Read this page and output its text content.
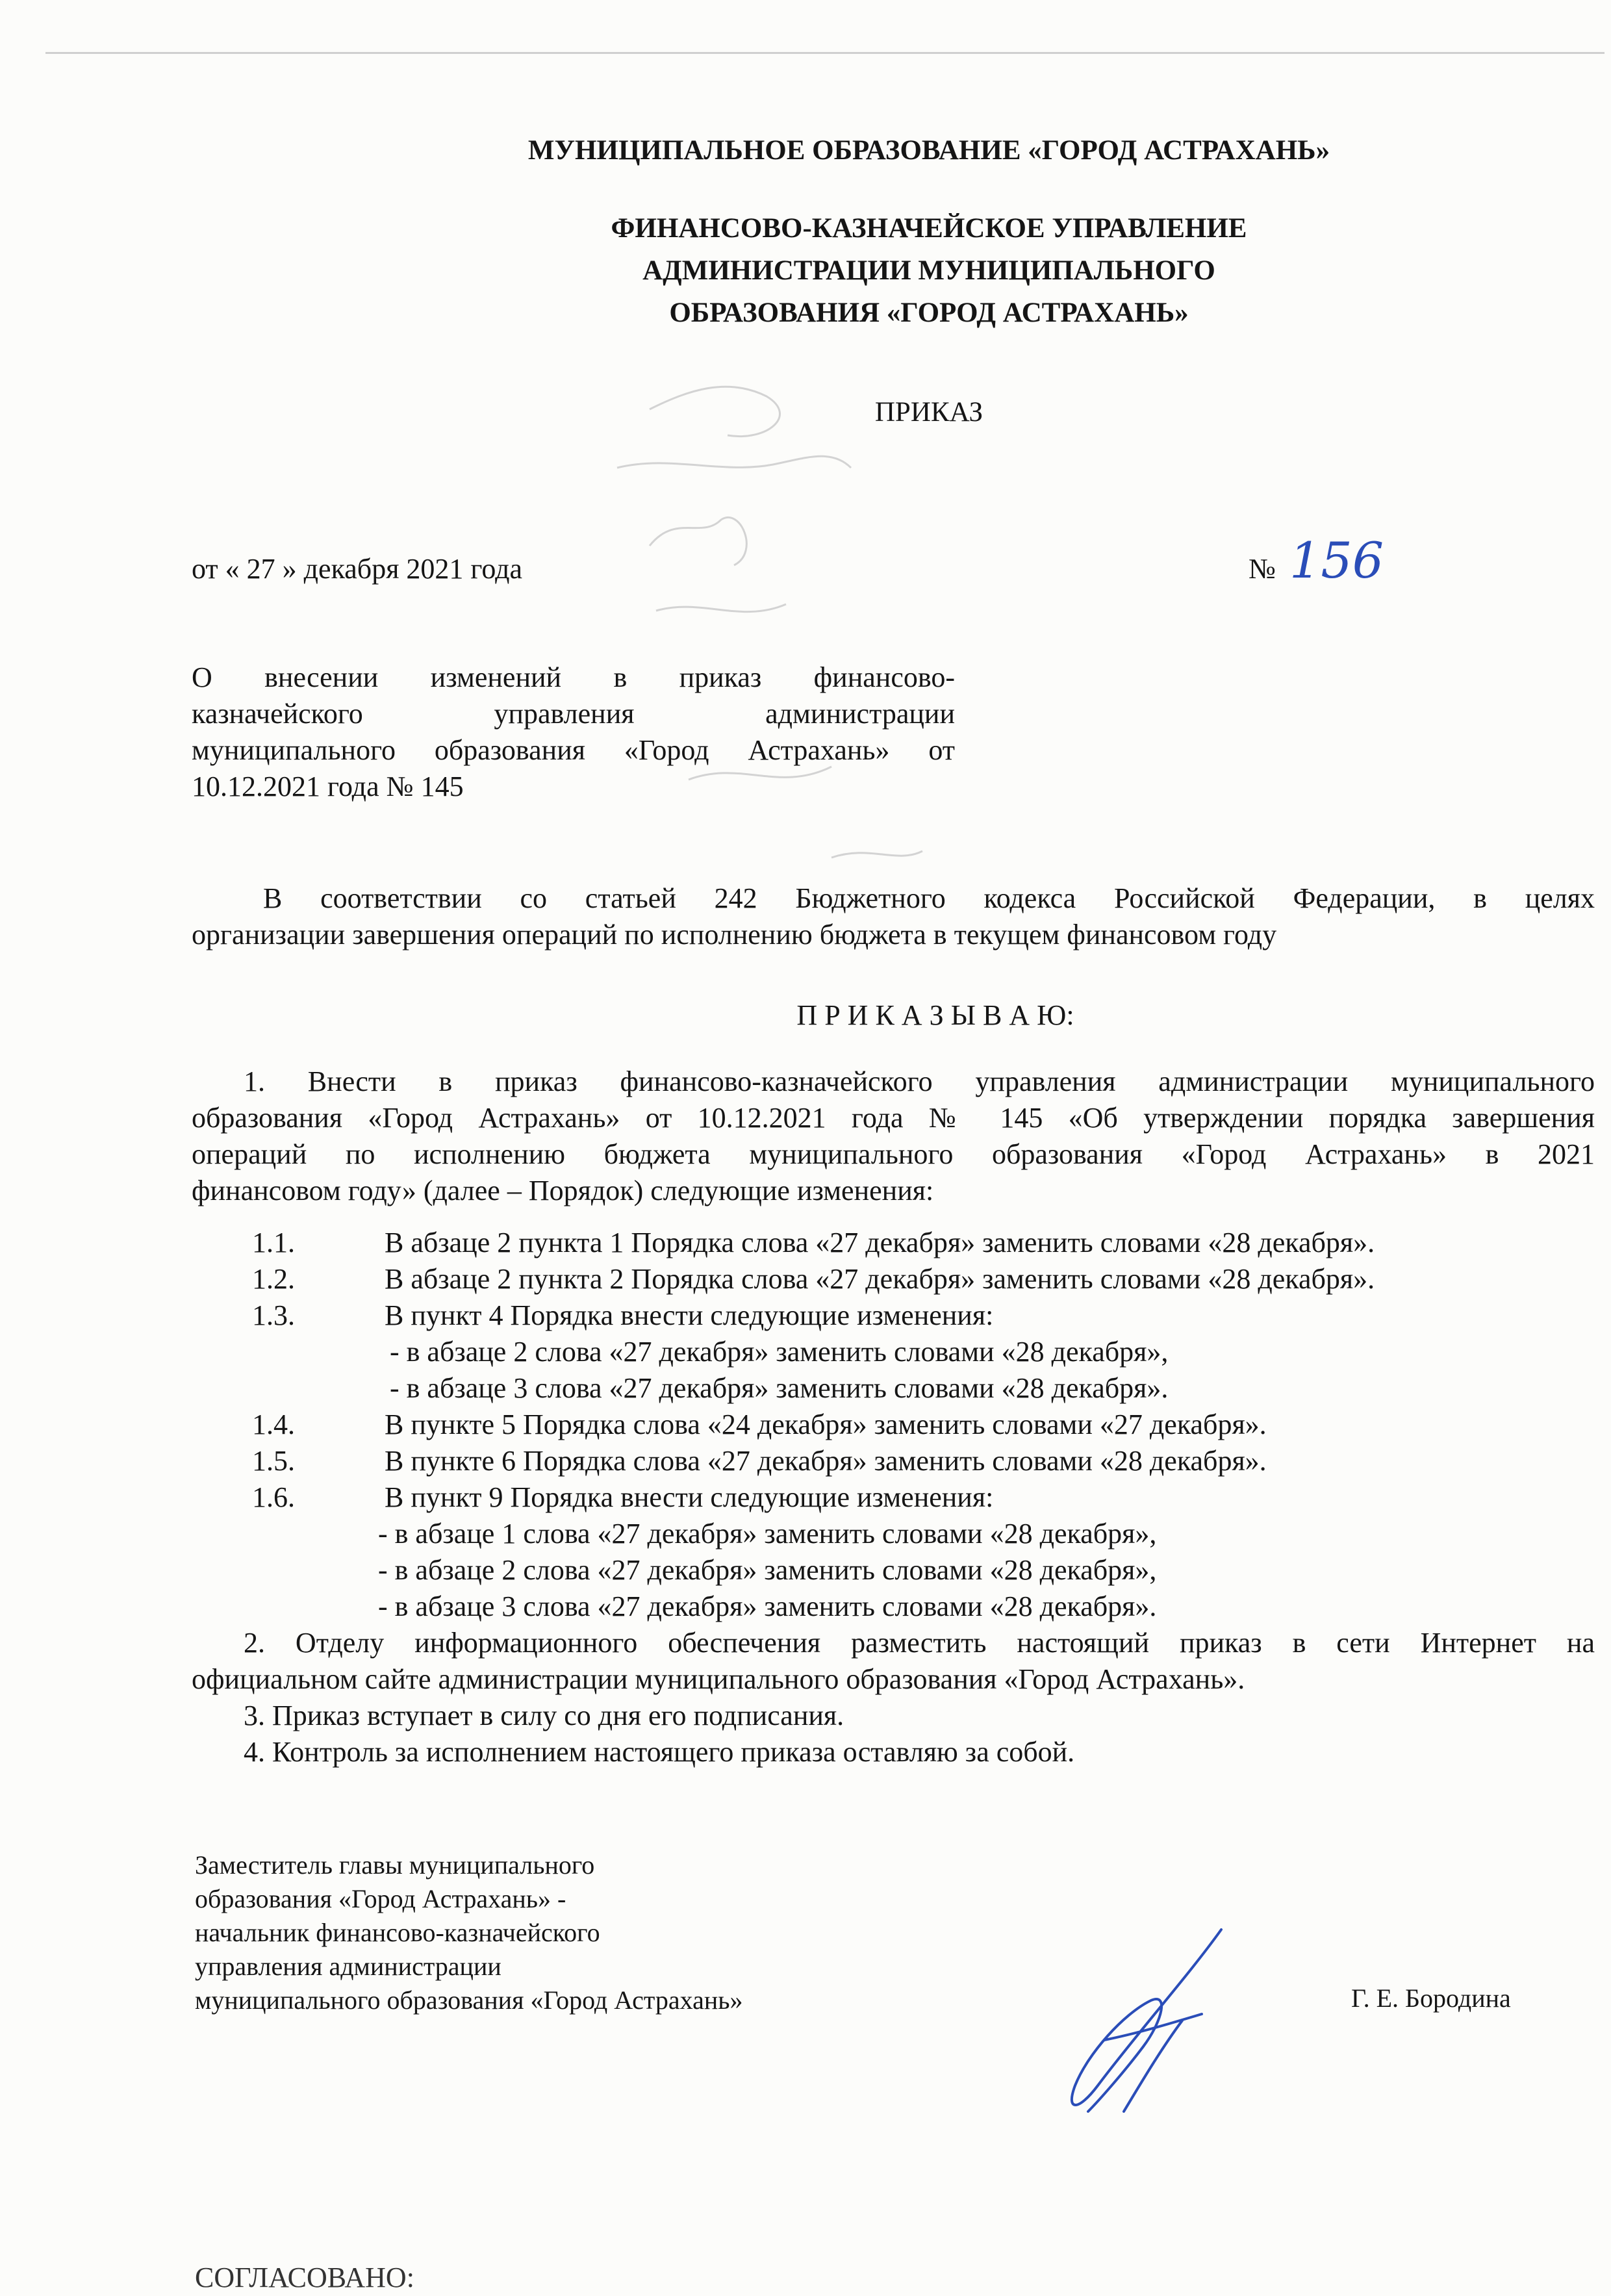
МУНИЦИПАЛЬНОЕ ОБРАЗОВАНИЕ «ГОРОД АСТРАХАНЬ»
ФИНАНСОВО-КАЗНАЧЕЙСКОЕ УПРАВЛЕНИЕ
АДМИНИСТРАЦИИ МУНИЦИПАЛЬНОГО
ОБРАЗОВАНИЯ «ГОРОД АСТРАХАНЬ»
ПРИКАЗ
от « 27 » декабря 2021 года	№ 156
О внесении изменений в приказ финансово-
казначейского управления администрации
муниципального образования «Город Астрахань» от
10.12.2021 года № 145
В соответствии со статьей 242 Бюджетного кодекса Российской Федерации, в целях
организации завершения операций по исполнению бюджета в текущем финансовом году
П Р И К А З Ы В А Ю:
1. Внести в приказ финансово-казначейского управления администрации муниципального
образования «Город Астрахань» от 10.12.2021 года № 145 «Об утверждении порядка завершения
операций по исполнению бюджета муниципального образования «Город Астрахань» в 2021
финансовом году» (далее – Порядок) следующие изменения:
1.1.	В абзаце 2 пункта 1 Порядка слова «27 декабря» заменить словами «28 декабря».
1.2.	В абзаце 2 пункта 2 Порядка слова «27 декабря» заменить словами «28 декабря».
1.3.	В пункт 4 Порядка внести следующие изменения:
- в абзаце 2 слова «27 декабря» заменить словами «28 декабря»,
- в абзаце 3 слова «27 декабря» заменить словами «28 декабря».
1.4.	В пункте 5 Порядка слова «24 декабря» заменить словами «27 декабря».
1.5.	В пункте 6 Порядка слова «27 декабря» заменить словами «28 декабря».
1.6.	В пункт 9 Порядка внести следующие изменения:
- в абзаце 1 слова «27 декабря» заменить словами «28 декабря»,
- в абзаце 2 слова «27 декабря» заменить словами «28 декабря»,
- в абзаце 3 слова «27 декабря» заменить словами «28 декабря».
2. Отделу информационного обеспечения разместить настоящий приказ в сети Интернет на
официальном сайте администрации муниципального образования «Город Астрахань».
3. Приказ вступает в силу со дня его подписания.
4. Контроль за исполнением настоящего приказа оставляю за собой.
Заместитель главы муниципального
образования «Город Астрахань» -
начальник финансово-казначейского
управления администрации
муниципального образования «Город Астрахань»	Г. Е. Бородина
СОГЛАСОВАНО:
